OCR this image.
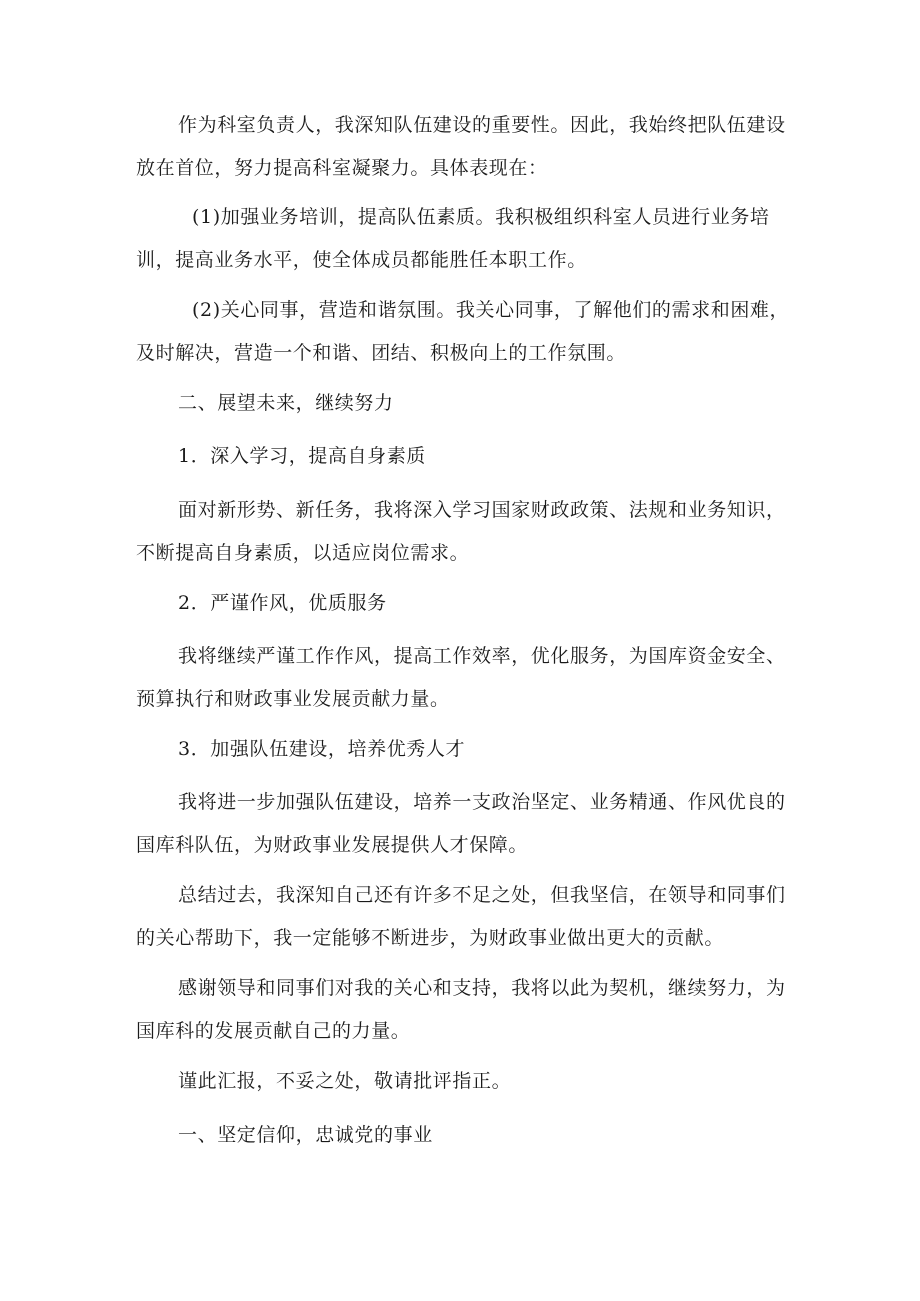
作为科室负责人，我深知队伍建设的重要性。因此，我始终把队伍建设放在首位，努力提高科室凝聚力。具体表现在：

(1)加强业务培训，提高队伍素质。我积极组织科室人员进行业务培训，提高业务水平，使全体成员都能胜任本职工作。

(2)关心同事，营造和谐氛围。我关心同事，了解他们的需求和困难，及时解决，营造一个和谐、团结、积极向上的工作氛围。

二、展望未来，继续努力

1．深入学习，提高自身素质

面对新形势、新任务，我将深入学习国家财政政策、法规和业务知识，不断提高自身素质，以适应岗位需求。

2．严谨作风，优质服务

我将继续严谨工作作风，提高工作效率，优化服务，为国库资金安全、预算执行和财政事业发展贡献力量。

3．加强队伍建设，培养优秀人才

我将进一步加强队伍建设，培养一支政治坚定、业务精通、作风优良的国库科队伍，为财政事业发展提供人才保障。

总结过去，我深知自己还有许多不足之处，但我坚信，在领导和同事们的关心帮助下，我一定能够不断进步，为财政事业做出更大的贡献。

感谢领导和同事们对我的关心和支持，我将以此为契机，继续努力，为国库科的发展贡献自己的力量。

谨此汇报，不妥之处，敬请批评指正。

一、坚定信仰，忠诚党的事业
